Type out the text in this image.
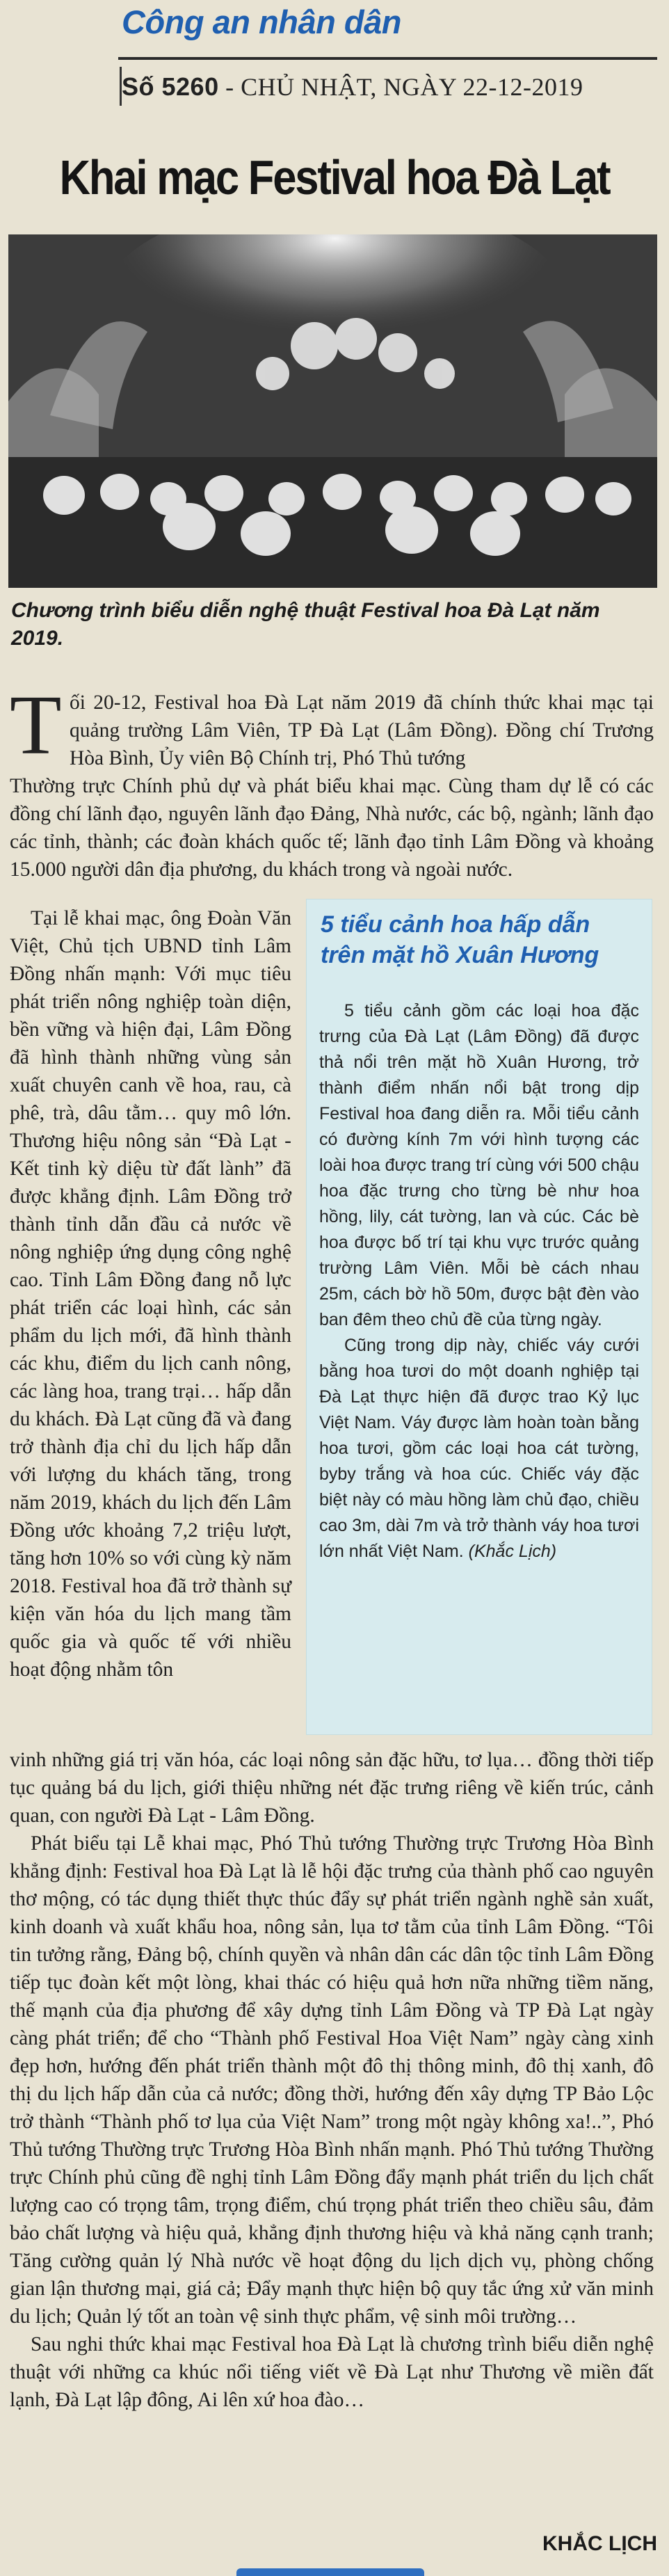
Công an nhân dân
Số 5260 - CHỦ NHẬT, NGÀY 22-12-2019
Khai mạc Festival hoa Đà Lạt
Chương trình biểu diễn nghệ thuật Festival hoa Đà Lạt năm 2019.
T ối 20-12, Festival hoa Đà Lạt năm 2019 đã chính thức khai mạc tại quảng trường Lâm Viên, TP Đà Lạt (Lâm Đồng). Đồng chí Trương Hòa Bình, Ủy viên Bộ Chính trị, Phó Thủ tướng

Thường trực Chính phủ dự và phát biểu khai mạc. Cùng tham dự lễ có các đồng chí lãnh đạo, nguyên lãnh đạo Đảng, Nhà nước, các bộ, ngành; lãnh đạo các tỉnh, thành; các đoàn khách quốc tế; lãnh đạo tỉnh Lâm Đồng và khoảng 15.000 người dân địa phương, du khách trong và ngoài nước.

Tại lễ khai mạc, ông Đoàn Văn Việt, Chủ tịch UBND tỉnh Lâm Đồng nhấn mạnh: Với mục tiêu phát triển nông nghiệp toàn diện, bền vững và hiện đại, Lâm Đồng đã hình thành những vùng sản xuất chuyên canh về hoa, rau, cà phê, trà, dâu tằm… quy mô lớn. Thương hiệu nông sản “Đà Lạt - Kết tinh kỳ diệu từ đất lành” đã được khẳng định. Lâm Đồng trở thành tỉnh dẫn đầu cả nước về nông nghiệp ứng dụng công nghệ cao. Tỉnh Lâm Đồng đang nỗ lực phát triển các loại hình, các sản phẩm du lịch mới, đã hình thành các khu, điểm du lịch canh nông, các làng hoa, trang trại… hấp dẫn du khách. Đà Lạt cũng đã và đang trở thành địa chỉ du lịch hấp dẫn với lượng du khách tăng, trong năm 2019, khách du lịch đến Lâm Đồng ước khoảng 7,2 triệu lượt, tăng hơn 10% so với cùng kỳ năm 2018. Festival hoa đã trở thành sự kiện văn hóa du lịch mang tầm quốc gia và quốc tế với nhiều hoạt động nhằm tôn

5 tiểu cảnh hoa hấp dẫn trên mặt hồ Xuân Hương

5 tiểu cảnh gồm các loại hoa đặc trưng của Đà Lạt (Lâm Đồng) đã được thả nổi trên mặt hồ Xuân Hương, trở thành điểm nhấn nổi bật trong dịp Festival hoa đang diễn ra. Mỗi tiểu cảnh có đường kính 7m với hình tượng các loài hoa được trang trí cùng với 500 chậu hoa đặc trưng cho từng bè như hoa hồng, lily, cát tường, lan và cúc. Các bè hoa được bố trí tại khu vực trước quảng trường Lâm Viên. Mỗi bè cách nhau 25m, cách bờ hồ 50m, được bật đèn vào ban đêm theo chủ đề của từng ngày.

Cũng trong dịp này, chiếc váy cưới bằng hoa tươi do một doanh nghiệp tại Đà Lạt thực hiện đã được trao Kỷ lục Việt Nam. Váy được làm hoàn toàn bằng hoa tươi, gồm các loại hoa cát tường, byby trắng và hoa cúc. Chiếc váy đặc biệt này có màu hồng làm chủ đạo, chiều cao 3m, dài 7m và trở thành váy hoa tươi lớn nhất Việt Nam. (Khắc Lịch)

vinh những giá trị văn hóa, các loại nông sản đặc hữu, tơ lụa… đồng thời tiếp tục quảng bá du lịch, giới thiệu những nét đặc trưng riêng về kiến trúc, cảnh quan, con người Đà Lạt - Lâm Đồng.

Phát biểu tại Lễ khai mạc, Phó Thủ tướng Thường trực Trương Hòa Bình khẳng định: Festival hoa Đà Lạt là lễ hội đặc trưng của thành phố cao nguyên thơ mộng, có tác dụng thiết thực thúc đẩy sự phát triển ngành nghề sản xuất, kinh doanh và xuất khẩu hoa, nông sản, lụa tơ tằm của tỉnh Lâm Đồng. “Tôi tin tưởng rằng, Đảng bộ, chính quyền và nhân dân các dân tộc tỉnh Lâm Đồng tiếp tục đoàn kết một lòng, khai thác có hiệu quả hơn nữa những tiềm năng, thế mạnh của địa phương để xây dựng tỉnh Lâm Đồng và TP Đà Lạt ngày càng phát triển; để cho “Thành phố Festival Hoa Việt Nam” ngày càng xinh đẹp hơn, hướng đến phát triển thành một đô thị thông minh, đô thị xanh, đô thị du lịch hấp dẫn của cả nước; đồng thời, hướng đến xây dựng TP Bảo Lộc trở thành “Thành phố tơ lụa của Việt Nam” trong một ngày không xa!..”, Phó Thủ tướng Thường trực Trương Hòa Bình nhấn mạnh. Phó Thủ tướng Thường trực Chính phủ cũng đề nghị tỉnh Lâm Đồng đẩy mạnh phát triển du lịch chất lượng cao có trọng tâm, trọng điểm, chú trọng phát triển theo chiều sâu, đảm bảo chất lượng và hiệu quả, khẳng định thương hiệu và khả năng cạnh tranh; Tăng cường quản lý Nhà nước về hoạt động du lịch dịch vụ, phòng chống gian lận thương mại, giá cả; Đẩy mạnh thực hiện bộ quy tắc ứng xử văn minh du lịch; Quản lý tốt an toàn vệ sinh thực phẩm, vệ sinh môi trường…

Sau nghi thức khai mạc Festival hoa Đà Lạt là chương trình biểu diễn nghệ thuật với những ca khúc nổi tiếng viết về Đà Lạt như Thương về miền đất lạnh, Đà Lạt lập đông, Ai lên xứ hoa đào…

KHẮC LỊCH
